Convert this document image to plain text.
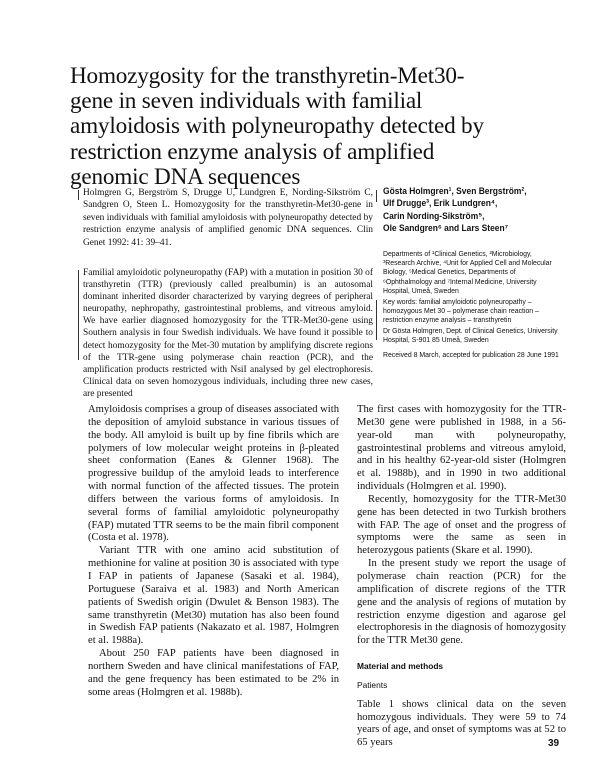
Homozygosity for the transthyretin-Met30-
gene in seven individuals with familial
amyloidosis with polyneuropathy detected by
restriction enzyme analysis of amplified
genomic DNA sequences
Holmgren G, Bergström S, Drugge U, Lundgren E, Nording-Sikström C, Sandgren O, Steen L. Homozygosity for the transthyretin-Met30-gene in seven individuals with familial amyloidosis with polyneuropathy detected by restriction enzyme analysis of amplified genomic DNA sequences. Clin Genet 1992: 41: 39–41.
Familial amyloidotic polyneuropathy (FAP) with a mutation in position 30 of transthyretin (TTR) (previously called prealbumin) is an autosomal dominant inherited disorder characterized by varying degrees of peripheral neuropathy, nephropathy, gastrointestinal problems, and vitreous amyloid. We have earlier diagnosed homozygosity for the TTR-Met30-gene using Southern analysis in four Swedish individuals. We have found it possible to detect homozygosity for the Met-30 mutation by amplifying discrete regions of the TTR-gene using polymerase chain reaction (PCR), and the amplification products restricted with NsiI analysed by gel electrophoresis. Clinical data on seven homozygous individuals, including three new cases, are presented
Gösta Holmgren¹, Sven Bergström²,
Ulf Drugge³, Erik Lundgren⁴,
Carin Nording-Sikström⁵,
Ole Sandgren⁶ and Lars Steen⁷
Departments of ¹Clinical Genetics, ²Microbiology, ³Research Archive, ⁴Unit for Applied Cell and Molecular Biology, ⁵Medical Genetics, Departments of ⁶Ophthalmology and ⁷Internal Medicine, University Hospital, Umeå, Sweden
Key words: familial amyloidotic polyneuropathy – homozygous Met 30 – polymerase chain reaction – restriction enzyme analysis – transthyretin
Dr Gösta Holmgren, Dept. of Clinical Genetics, University Hospital, S-901 85 Umeå, Sweden
Received 8 March, accepted for publication 28 June 1991

Amyloidosis comprises a group of diseases associated with the deposition of amyloid substance in various tissues of the body. All amyloid is built up by fine fibrils which are polymers of low molecular weight proteins in β-pleated sheet conformation (Eanes & Glenner 1968). The progressive buildup of the amyloid leads to interference with normal function of the affected tissues. The protein differs between the various forms of amyloidosis. In several forms of familial amyloidotic polyneuropathy (FAP) mutated TTR seems to be the main fibril component (Costa et al. 1978).

Variant TTR with one amino acid substitution of methionine for valine at position 30 is associated with type I FAP in patients of Japanese (Sasaki et al. 1984), Portuguese (Saraiva et al. 1983) and North American patients of Swedish origin (Dwulet & Benson 1983). The same transthyretin (Met30) mutation has also been found in Swedish FAP patients (Nakazato et al. 1987, Holmgren et al. 1988a).

About 250 FAP patients have been diagnosed in northern Sweden and have clinical manifestations of FAP, and the gene frequency has been estimated to be 2% in some areas (Holmgren et al. 1988b).

The first cases with homozygosity for the TTR-Met30 gene were published in 1988, in a 56-year-old man with polyneuropathy, gastrointestinal problems and vitreous amyloid, and in his healthy 62-year-old sister (Holmgren et al. 1988b), and in 1990 in two additional individuals (Holmgren et al. 1990).

Recently, homozygosity for the TTR-Met30 gene has been detected in two Turkish brothers with FAP. The age of onset and the progress of symptoms were the same as seen in heterozygous patients (Skare et al. 1990).

In the present study we report the usage of polymerase chain reaction (PCR) for the amplification of discrete regions of the TTR gene and the analysis of regions of mutation by restriction enzyme digestion and agarose gel electrophoresis in the diagnosis of homozygosity for the TTR Met30 gene.

Material and methods

Patients

Table 1 shows clinical data on the seven homozygous individuals. They were 59 to 74 years of age, and onset of symptoms was at 52 to 65 years	39
